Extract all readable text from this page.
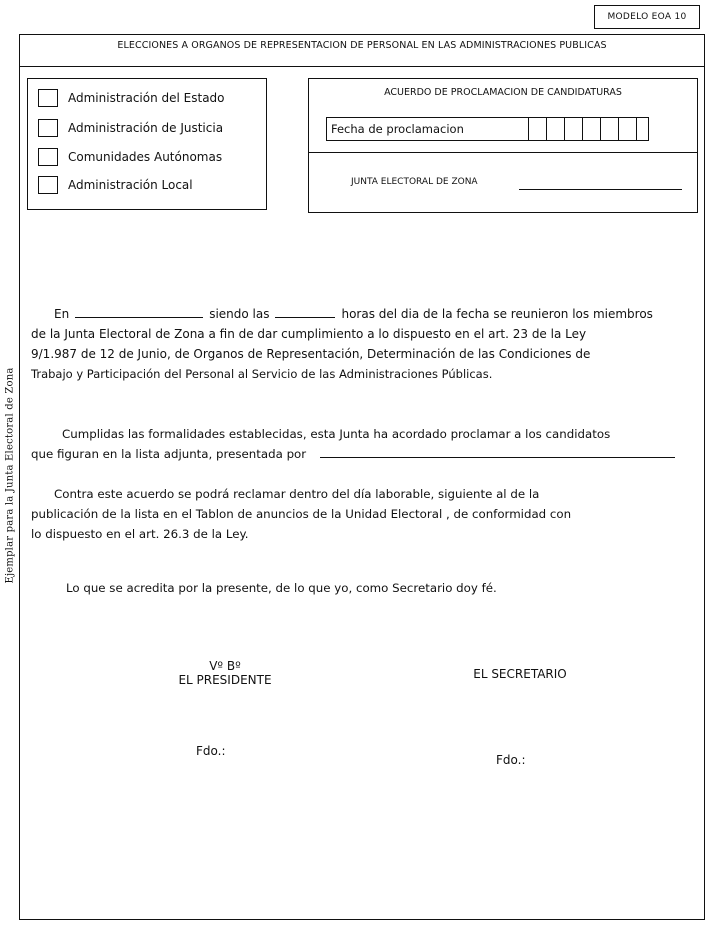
MODELO EOA 10
ELECCIONES A ORGANOS DE REPRESENTACION DE PERSONAL EN LAS ADMINISTRACIONES PUBLICAS
Ejemplar para la Junta Electoral de Zona
Administración del Estado
Administración de Justicia
Comunidades Autónomas
Administración Local
ACUERDO DE PROCLAMACION DE CANDIDATURAS
Fecha de proclamacion
JUNTA ELECTORAL DE ZONA
En	siendo las	horas del dia de la fecha se reunieron los miembros
de la Junta Electoral de Zona a fin de dar cumplimiento a lo dispuesto en el art. 23 de la Ley
9/1.987 de 12 de Junio, de Organos de Representación, Determinación de las Condiciones de
Trabajo y Participación del Personal al Servicio de las Administraciones Públicas.
Cumplidas las formalidades establecidas, esta Junta ha acordado proclamar a los candidatos
que figuran en la lista adjunta, presentada por
Contra este acuerdo se podrá reclamar dentro del día laborable, siguiente al de la
publicación de la lista en el Tablon de anuncios de la Unidad Electoral , de conformidad con
lo dispuesto en el art. 26.3 de la Ley.
Lo que se acredita por la presente, de lo que yo, como Secretario doy fé.
Vº Bº
EL PRESIDENTE	EL SECRETARIO
Fdo.:
Fdo.:
